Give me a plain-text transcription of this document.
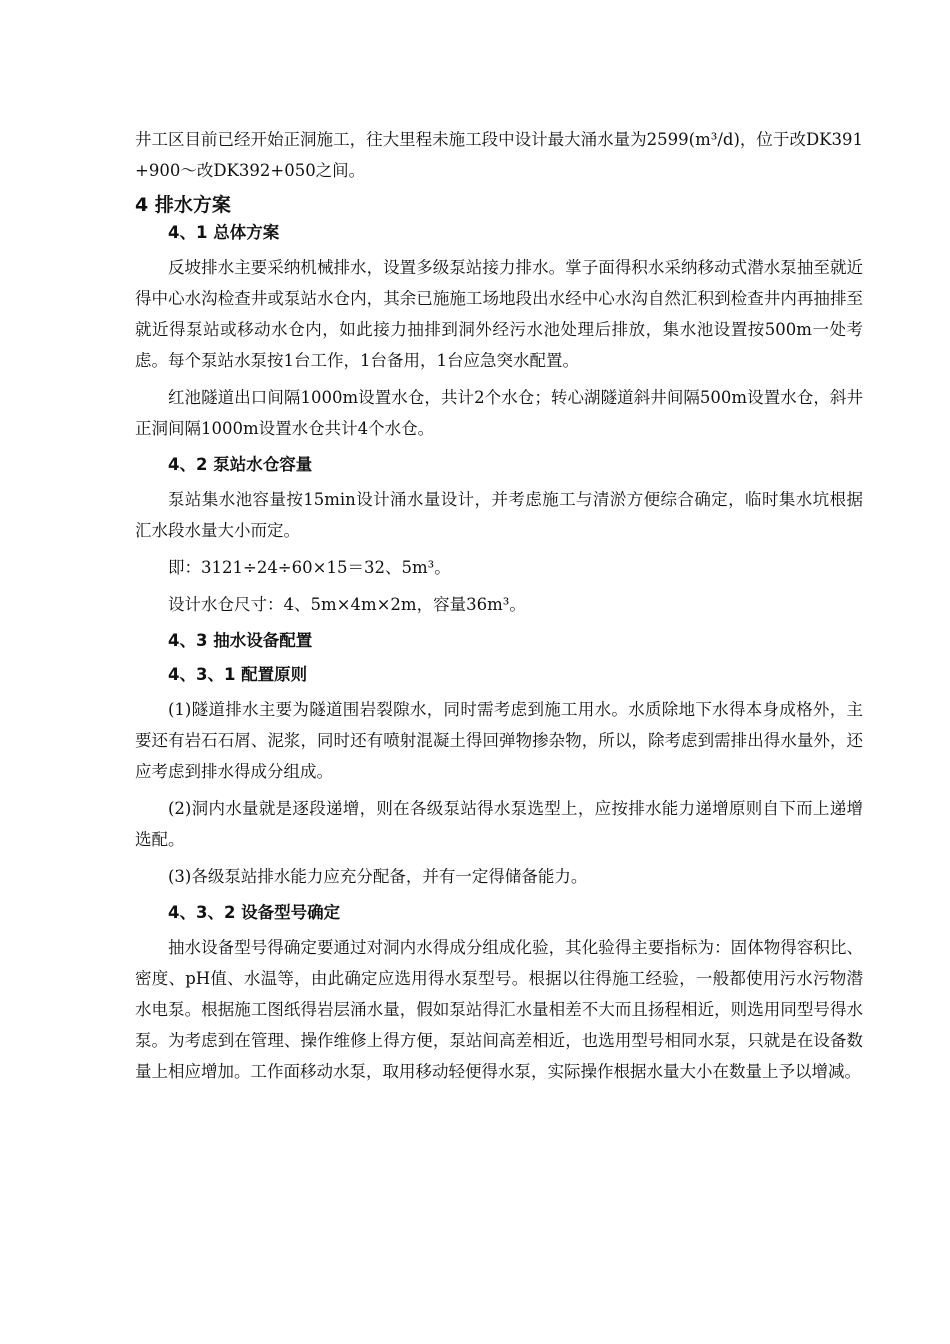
井工区目前已经开始正洞施工，往大里程未施工段中设计最大涌水量为2599(m³/d)，位于改DK391+900～改DK392+050之间。

4 排水方案
4、1 总体方案

反坡排水主要采纳机械排水，设置多级泵站接力排水。掌子面得积水采纳移动式潜水泵抽至就近得中心水沟检查井或泵站水仓内，其余已施施工场地段出水经中心水沟自然汇积到检查井内再抽排至就近得泵站或移动水仓内，如此接力抽排到洞外经污水池处理后排放，集水池设置按500m一处考虑。每个泵站水泵按1台工作，1台备用，1台应急突水配置。

红池隧道出口间隔1000m设置水仓，共计2个水仓；转心湖隧道斜井间隔500m设置水仓，斜井正洞间隔1000m设置水仓共计4个水仓。

4、2 泵站水仓容量

泵站集水池容量按15min设计涌水量设计，并考虑施工与清淤方便综合确定，临时集水坑根据汇水段水量大小而定。

即：3121÷24÷60×15＝32、5m³。

设计水仓尺寸：4、5m×4m×2m，容量36m³。

4、3 抽水设备配置
4、3、1 配置原则

(1)隧道排水主要为隧道围岩裂隙水，同时需考虑到施工用水。水质除地下水得本身成格外，主要还有岩石石屑、泥浆，同时还有喷射混凝土得回弹物掺杂物，所以，除考虑到需排出得水量外，还应考虑到排水得成分组成。

(2)洞内水量就是逐段递增，则在各级泵站得水泵选型上，应按排水能力递增原则自下而上递增选配。

(3)各级泵站排水能力应充分配备，并有一定得储备能力。

4、3、2 设备型号确定

抽水设备型号得确定要通过对洞内水得成分组成化验，其化验得主要指标为：固体物得容积比、密度、pH值、水温等，由此确定应选用得水泵型号。根据以往得施工经验，一般都使用污水污物潜水电泵。根据施工图纸得岩层涌水量，假如泵站得汇水量相差不大而且扬程相近，则选用同型号得水泵。为考虑到在管理、操作维修上得方便，泵站间高差相近，也选用型号相同水泵，只就是在设备数量上相应增加。工作面移动水泵，取用移动轻便得水泵，实际操作根据水量大小在数量上予以增减。
